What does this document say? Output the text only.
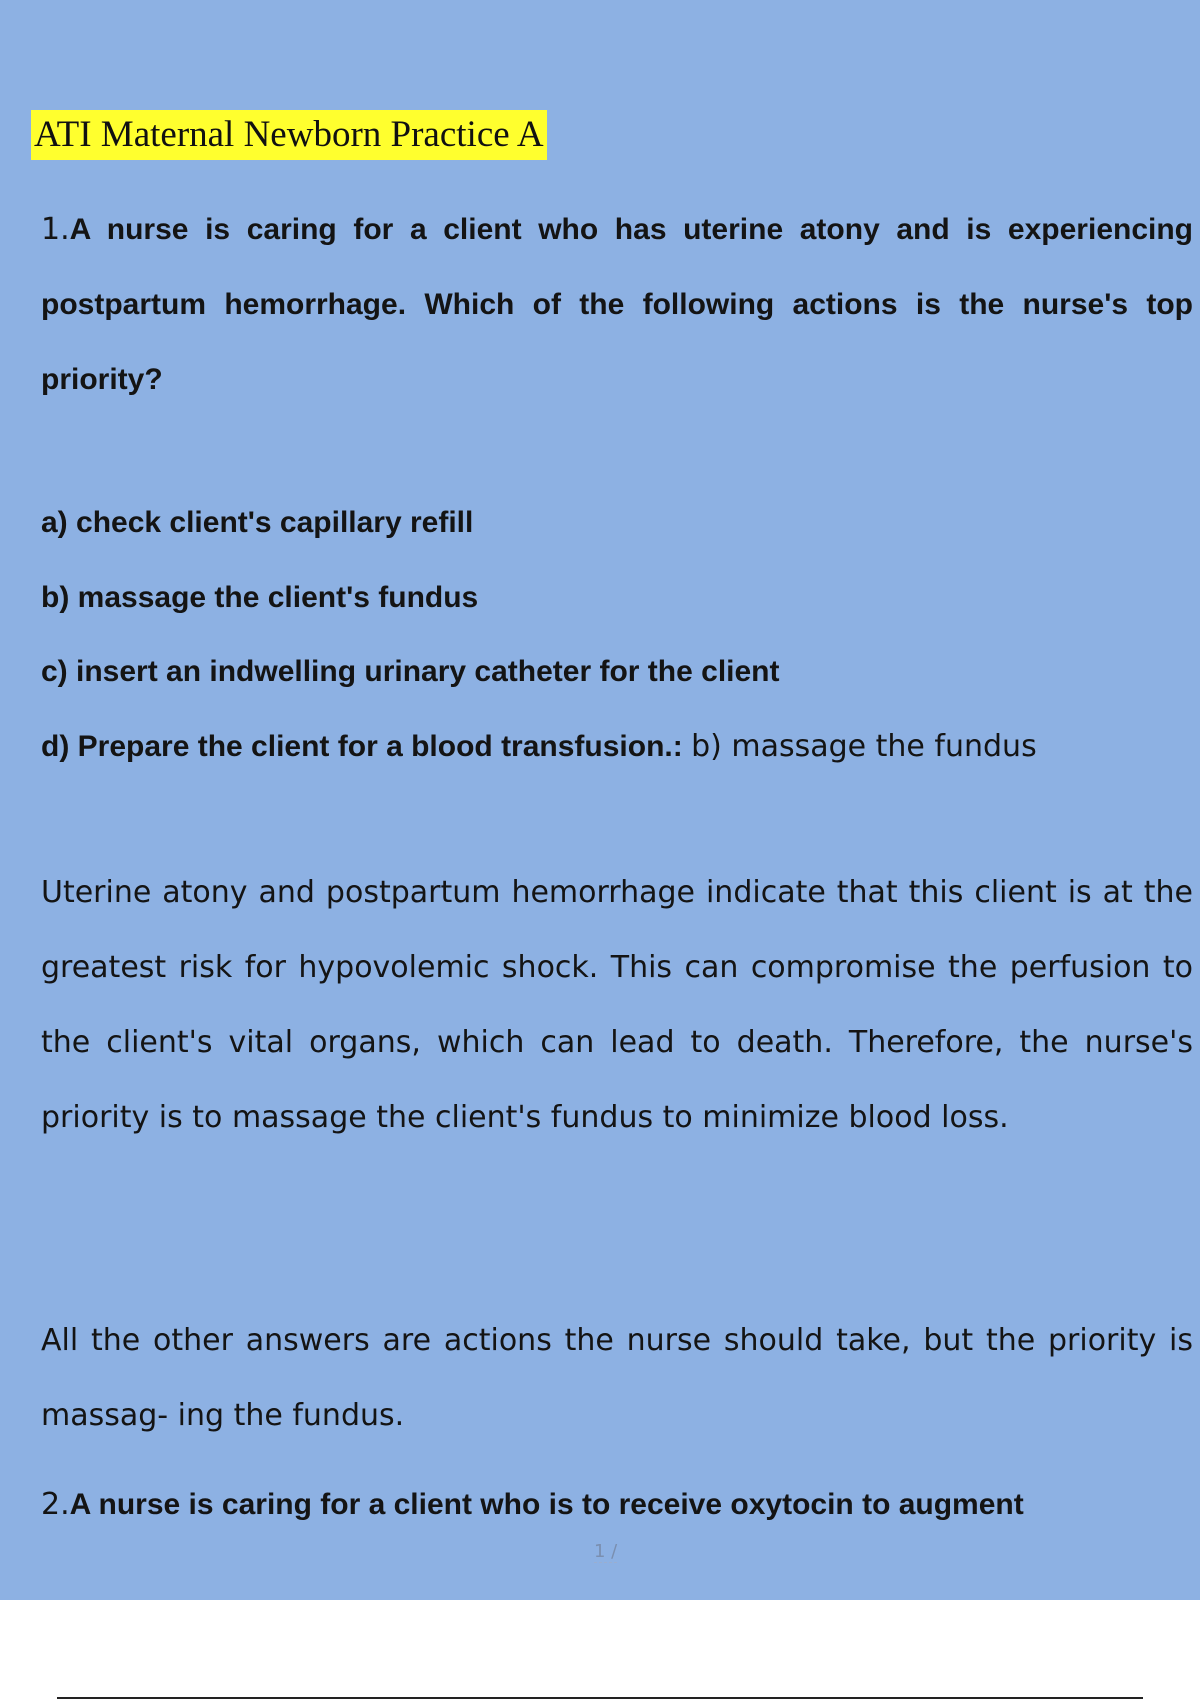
ATI Maternal Newborn Practice A

1.A nurse is caring for a client who has uterine atony and is experiencing postpartum hemorrhage. Which of the following actions is the nurse's top priority?

a) check client's capillary refill

b) massage the client's fundus

c) insert an indwelling urinary catheter for the client

d) Prepare the client for a blood transfusion.: b) massage the fundus

Uterine atony and postpartum hemorrhage indicate that this client is at the greatest risk for hypovolemic shock. This can compromise the perfusion to the client's vital organs, which can lead to death. Therefore, the nurse's priority is to massage the client's fundus to minimize blood loss.

All the other answers are actions the nurse should take, but the priority is massag- ing the fundus.

2.A nurse is caring for a client who is to receive oxytocin to augment

1 /
